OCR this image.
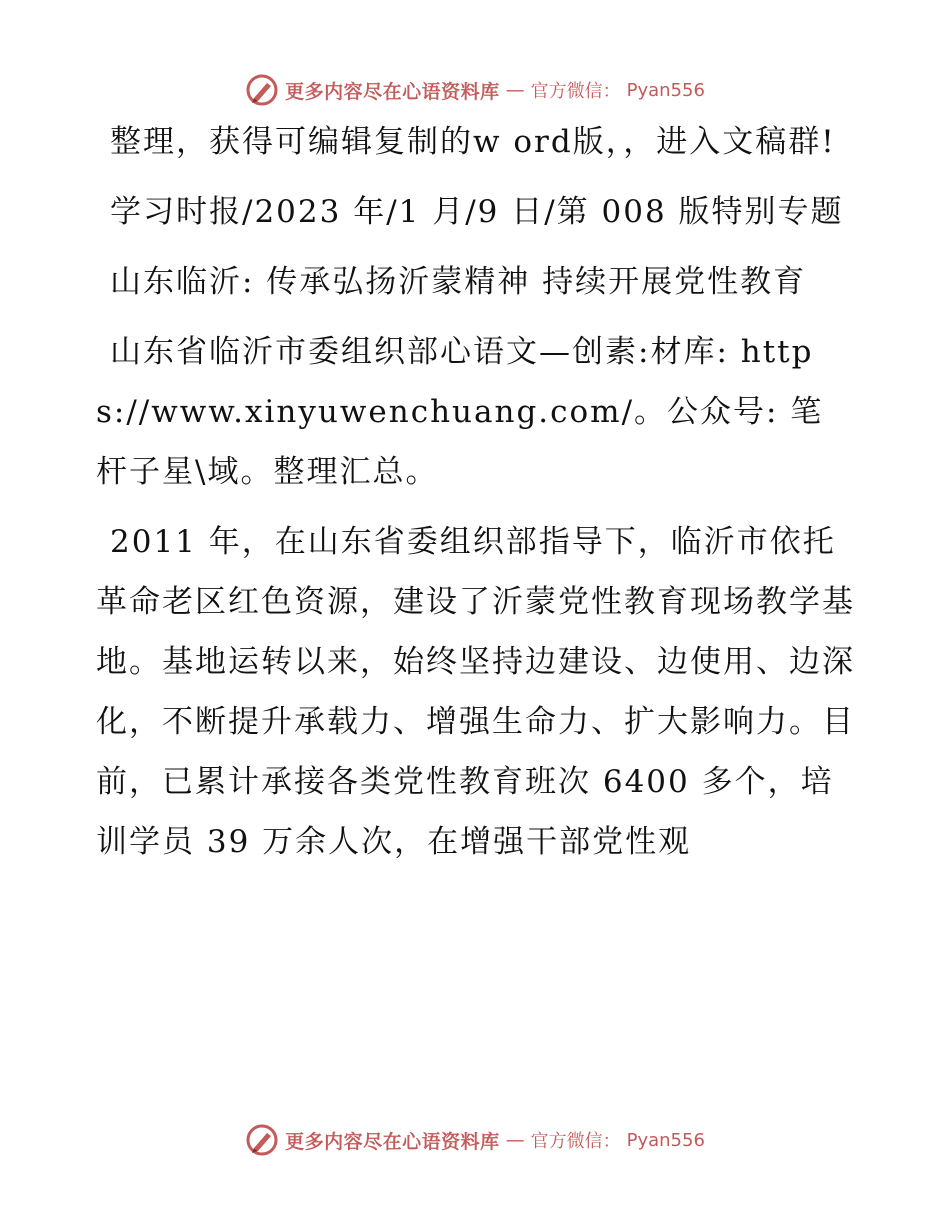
更多内容尽在心语资料库 — 官方微信： Pyan556

整理，获得可编辑复制的w ord版，，进入文稿群!

学习时报/2023 年/1 月/9 日/第 008 版特别专题

山东临沂: 传承弘扬沂蒙精神 持续开展党性教育

山东省临沂市委组织部心语文—创素:材库: https://www.xinyuwenchuang.com/。公众号: 笔杆子星\域。整理汇总。

2011 年，在山东省委组织部指导下，临沂市依托革命老区红色资源，建设了沂蒙党性教育现场教学基地。基地运转以来，始终坚持边建设、边使用、边深化，不断提升承载力、增强生命力、扩大影响力。目前，已累计承接各类党性教育班次 6400 多个，培训学员 39 万余人次，在增强干部党性观

更多内容尽在心语资料库 — 官方微信： Pyan556
